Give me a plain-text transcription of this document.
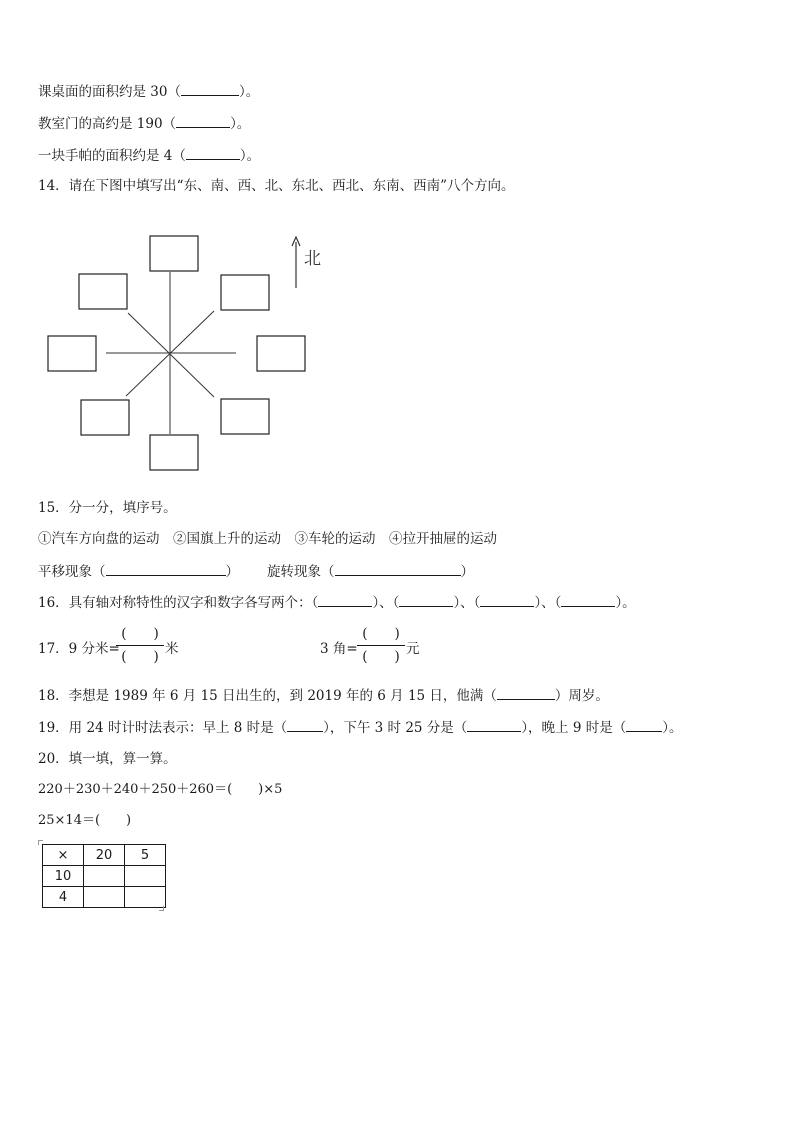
课桌面的面积约是 30（	）。
教室门的高约是 190（	）。
一块手帕的面积约是 4（	）。
14．请在下图中填写出“东、南、西、北、东北、西北、东南、西南”八个方向。
北
15．分一分，填序号。
①汽车方向盘的运动　②国旗上升的运动　③车轮的运动　④拉开抽屉的运动
平移现象（	） 旋转现象（	）
16．具有轴对称特性的汉字和数字各写两个：（	）、（	）、（	）、（	）。
17．9 分米=
(　　)
(　　) 米	3 角=
(　　)
(　　) 元
18．李想是 1989 年 6 月 15 日出生的，到 2019 年的 6 月 15 日，他满（	）周岁。
19．用 24 时计时法表示：早上 8 时是（	），下午 3 时 25 分是（	），晚上 9 时是（	）。
20．填一填，算一算。
220＋230＋240＋250＋260＝(　　)×5
25×14＝(　　)
×	20	5
10		
4		
